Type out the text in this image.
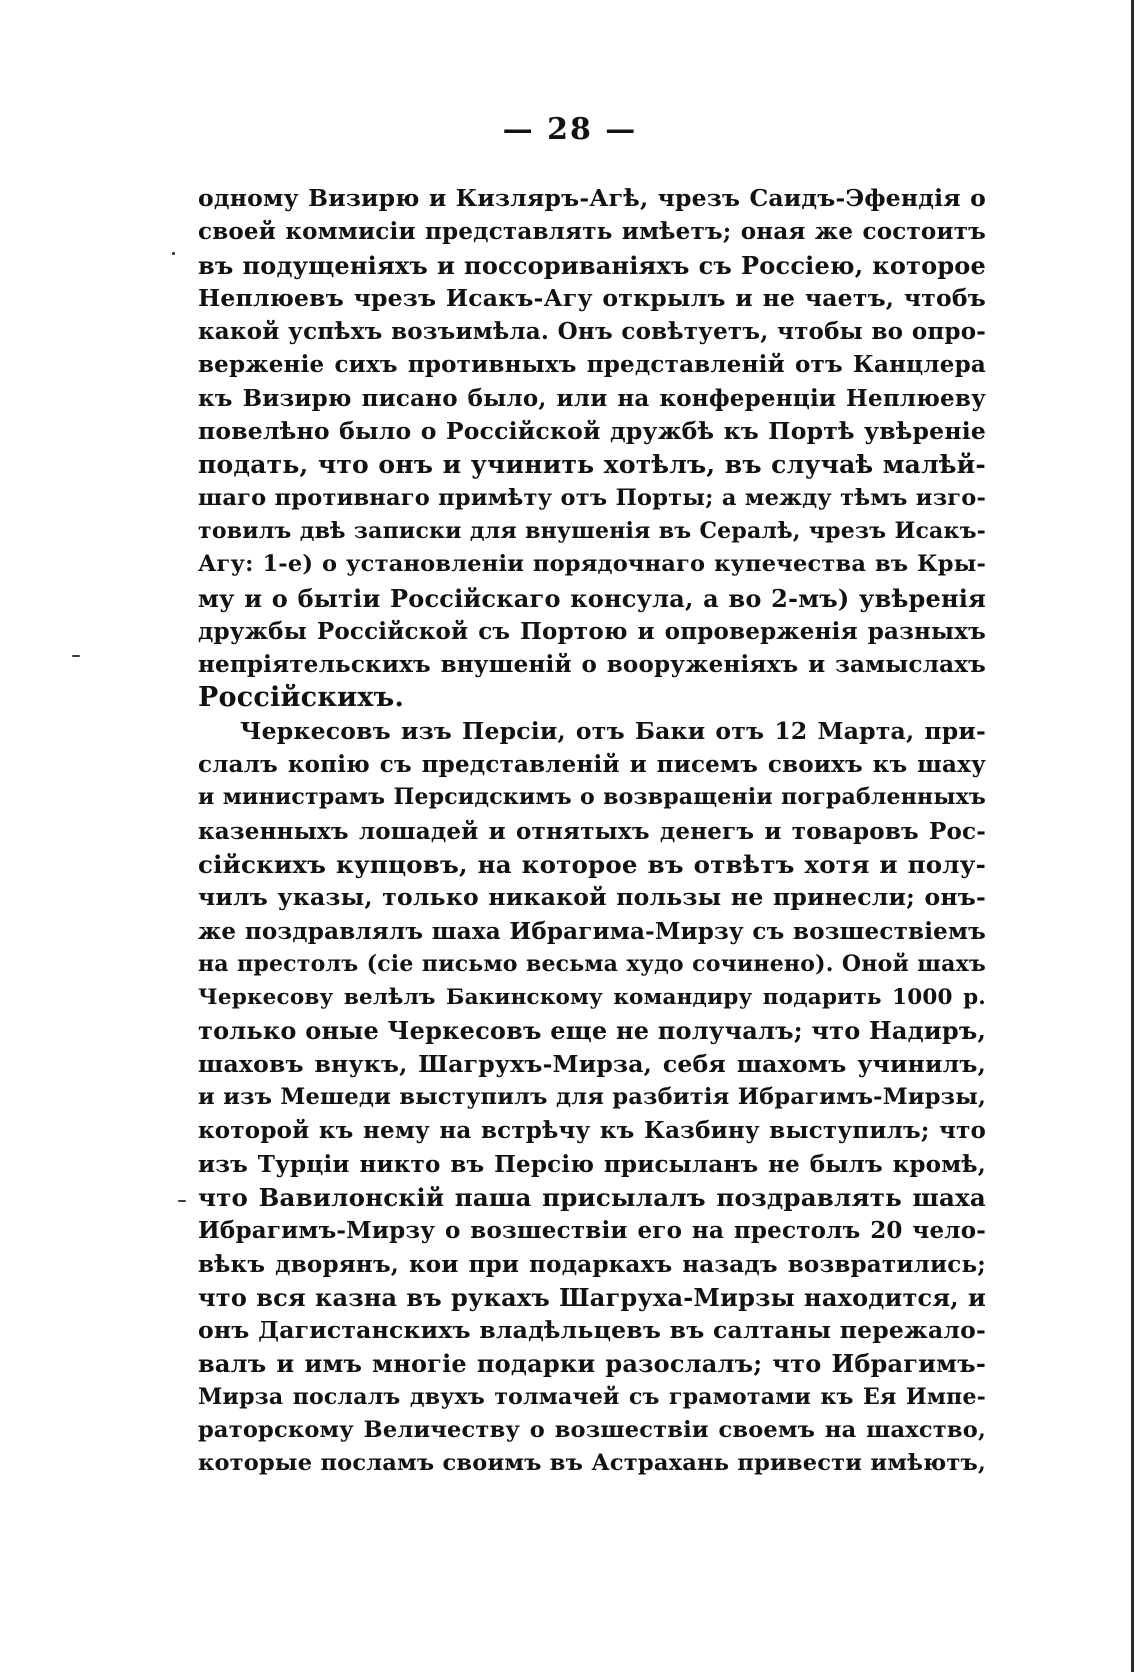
— 28 —
одному Визирю и Кизляръ-Агѣ, чрезъ Саидъ-Эфендія о
своей коммисіи представлять имѣетъ; оная же состоитъ
въ подущеніяхъ и поссориваніяхъ съ Россіею, которое
Неплюевъ чрезъ Исакъ-Агу открылъ и не чаетъ, чтобъ
какой успѣхъ возъимѣла. Онъ совѣтуетъ, чтобы во опро-
верженіе сихъ противныхъ представленій отъ Канцлера
къ Визирю писано было, или на конференціи Неплюеву
повелѣно было о Россійской дружбѣ къ Портѣ увѣреніе
подать, что онъ и учинить хотѣлъ, въ случаѣ малѣй-
шаго противнаго примѣту отъ Порты; а между тѣмъ изго-
товилъ двѣ записки для внушенія въ Сералѣ, чрезъ Исакъ-
Агу: 1-е) о установленіи порядочнаго купечества въ Кры-
му и о бытіи Россійскаго консула, а во 2-мъ) увѣренія
дружбы Россійской съ Портою и опроверженія разныхъ
непріятельскихъ внушеній о вооруженіяхъ и замыслахъ
Россійскихъ.
Черкесовъ изъ Персіи, отъ Баки отъ 12 Марта, при-
слалъ копію съ представленій и писемъ своихъ къ шаху
и министрамъ Персидскимъ о возвращеніи пограбленныхъ
казенныхъ лошадей и отнятыхъ денегъ и товаровъ Рос-
сійскихъ купцовъ, на которое въ отвѣтъ хотя и полу-
чилъ указы, только никакой пользы не принесли; онъ-
же поздравлялъ шаха Ибрагима-Мирзу съ возшествіемъ
на престолъ (сіе письмо весьма худо сочинено). Оной шахъ
Черкесову велѣлъ Бакинскому командиру подарить 1000 р.
только оные Черкесовъ еще не получалъ; что Надиръ,
шаховъ внукъ, Шагрухъ-Мирза, себя шахомъ учинилъ,
и изъ Мешеди выступилъ для разбитія Ибрагимъ-Мирзы,
которой къ нему на встрѣчу къ Казбину выступилъ; что
изъ Турціи никто въ Персію присыланъ не былъ кромѣ,
что Вавилонскій паша присылалъ поздравлять шаха
Ибрагимъ-Мирзу о возшествіи его на престолъ 20 чело-
вѣкъ дворянъ, кои при подаркахъ назадъ возвратились;
что вся казна въ рукахъ Шагруха-Мирзы находится, и
онъ Дагистанскихъ владѣльцевъ въ салтаны пережало-
валъ и имъ многіе подарки разослалъ; что Ибрагимъ-
Мирза послалъ двухъ толмачей съ грамотами къ Ея Импе-
раторскому Величеству о возшествіи своемъ на шахство,
которые посламъ своимъ въ Астрахань привести имѣютъ,
